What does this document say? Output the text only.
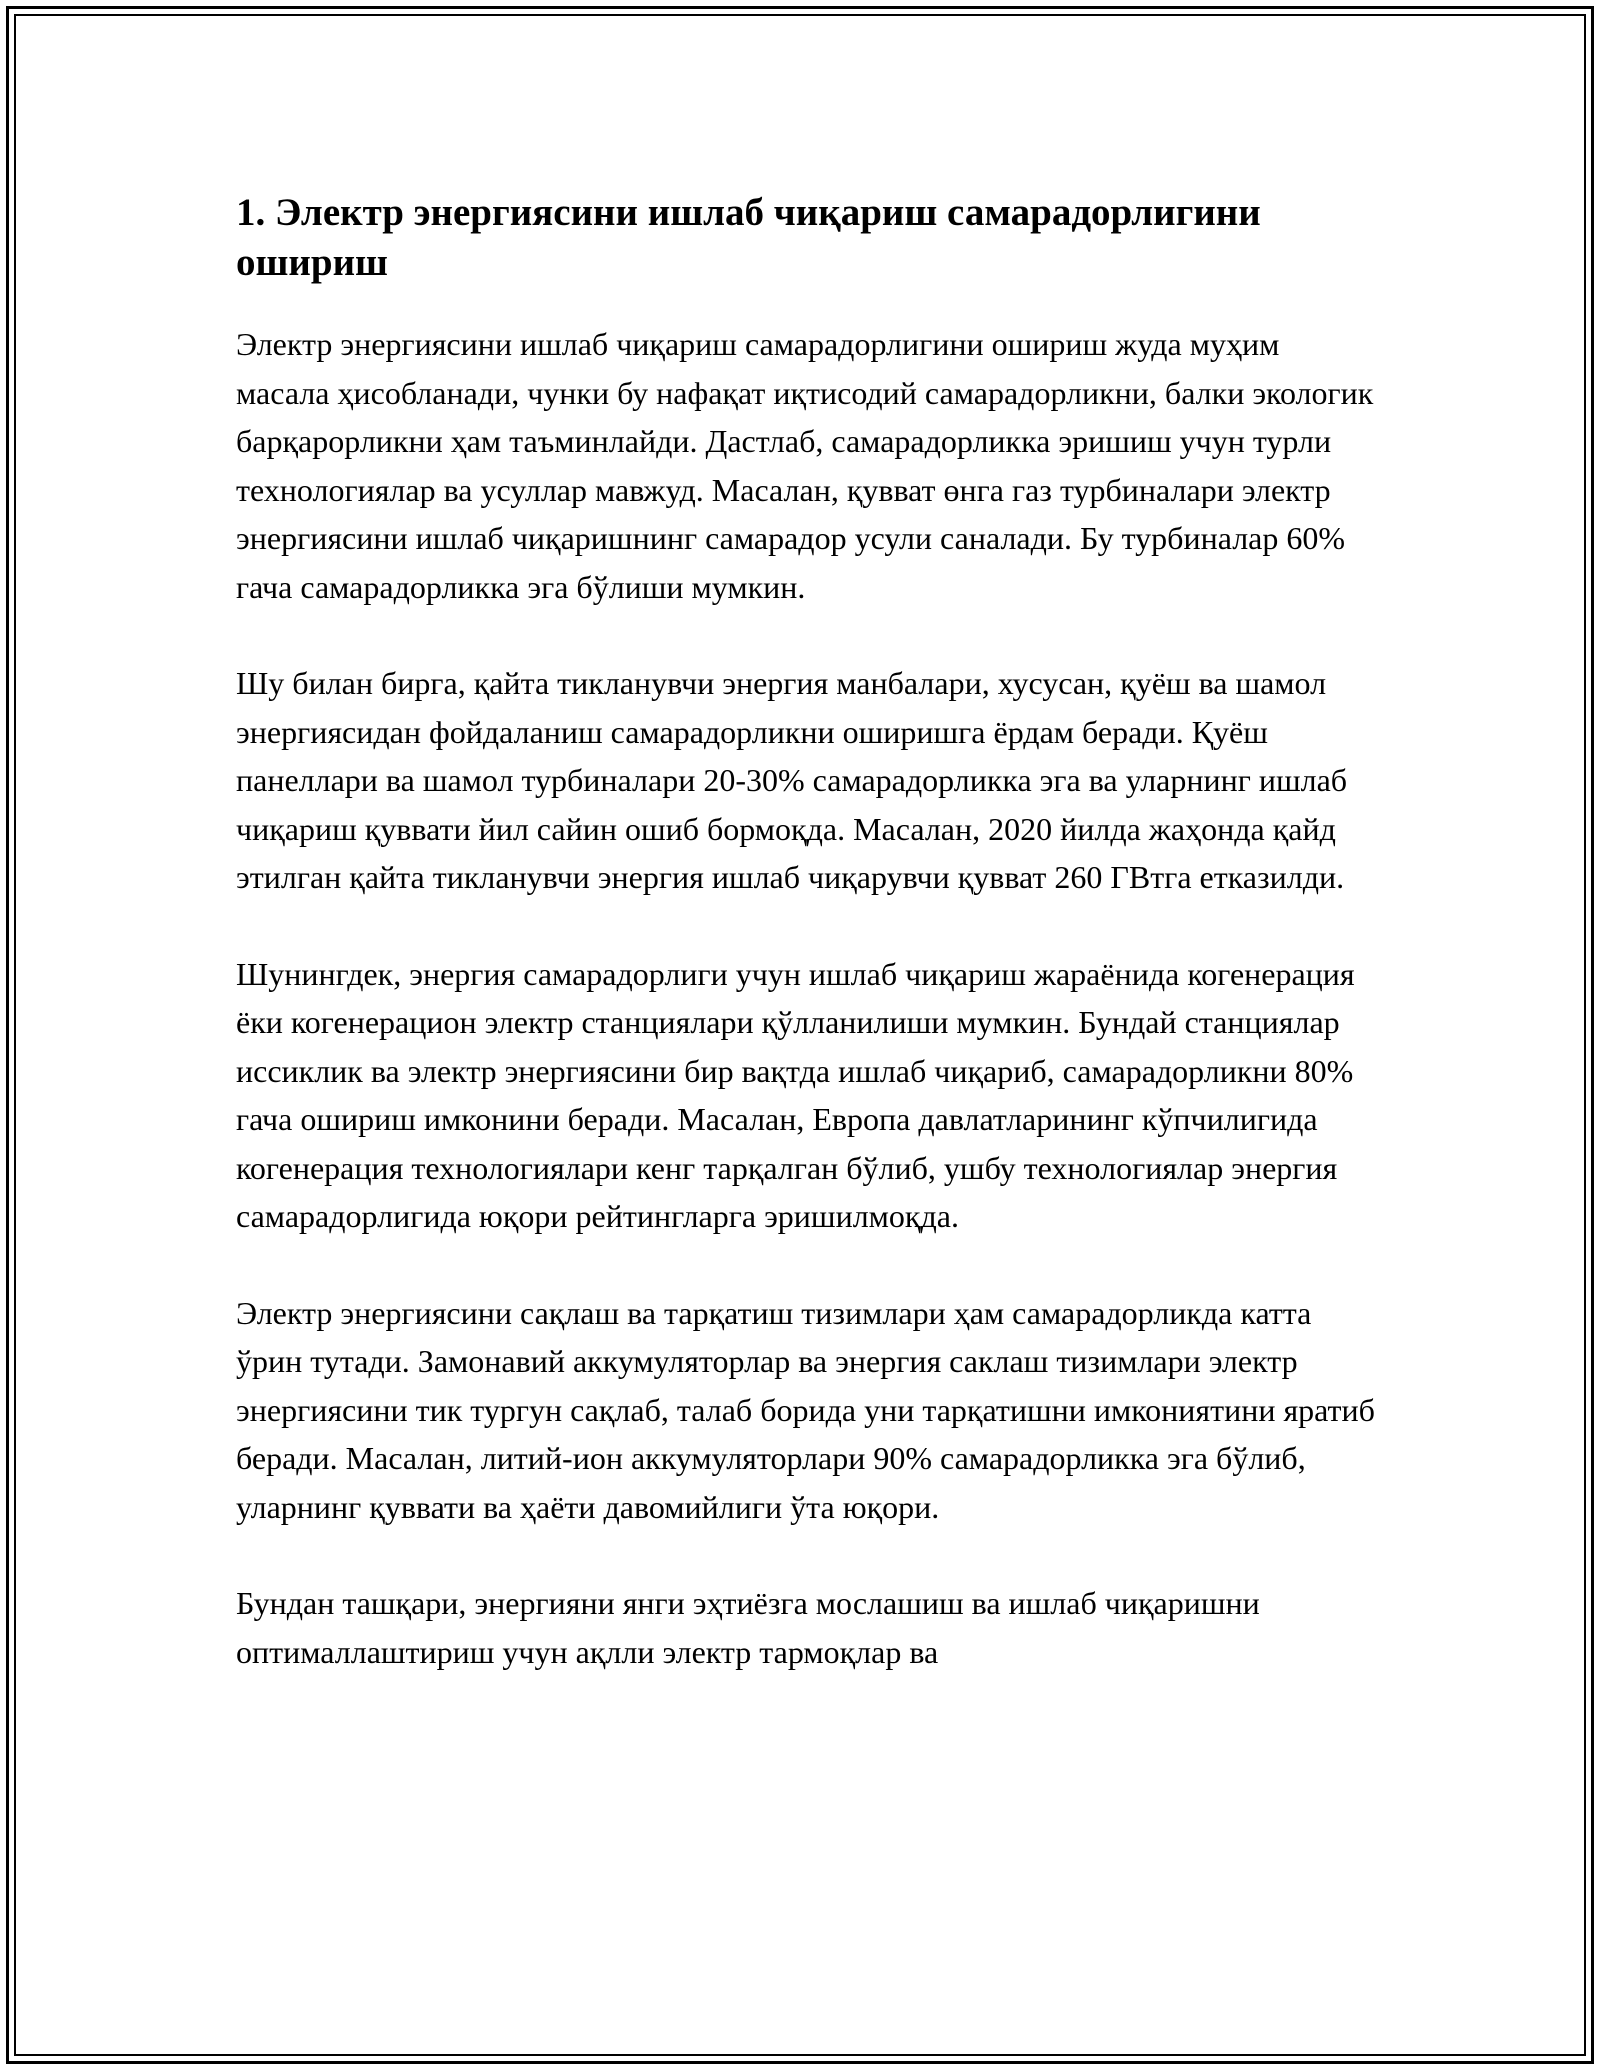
1. Электр энергиясини ишлаб чиқариш самарадорлигини ошириш

Электр энергиясини ишлаб чиқариш самарадорлигини ошириш жуда муҳим масала ҳисобланади, чунки бу нафақат иқтисодий самарадорликни, балки экологик барқарорликни ҳам таъминлайди. Дастлаб, самарадорликка эришиш учун турли технологиялар ва усуллар мавжуд. Масалан, қувват өнга газ турбиналари электр энергиясини ишлаб чиқаришнинг самарадор усули саналади. Бу турбиналар 60% гача самарадорликка эга бўлиши мумкин.

Шу билан бирга, қайта тикланувчи энергия манбалари, хусусан, қуёш ва шамол энергиясидан фойдаланиш самарадорликни оширишга ёрдам беради. Қуёш панеллари ва шамол турбиналари 20-30% самарадорликка эга ва уларнинг ишлаб чиқариш қуввати йил сайин ошиб бормоқда. Масалан, 2020 йилда жаҳонда қайд этилган қайта тикланувчи энергия ишлаб чиқарувчи қувват 260 ГВтга етказилди.

Шунингдек, энергия самарадорлиги учун ишлаб чиқариш жараёнида когенерация ёки когенерацион электр станциялари қўлланилиши мумкин. Бундай станциялар иссиклик ва электр энергиясини бир вақтда ишлаб чиқариб, самарадорликни 80% гача ошириш имконини беради. Масалан, Европа давлатларининг кўпчилигида когенерация технологиялари кенг тарқалган бўлиб, ушбу технологиялар энергия самарадорлигида юқори рейтингларга эришилмоқда.

Электр энергиясини сақлаш ва тарқатиш тизимлари ҳам самарадорликда катта ўрин тутади. Замонавий аккумуляторлар ва энергия саклаш тизимлари электр энергиясини тик тургун сақлаб, талаб борида уни тарқатишни имкониятини яратиб беради. Масалан, литий-ион аккумуляторлари 90% самарадорликка эга бўлиб, уларнинг қуввати ва ҳаёти давомийлиги ўта юқори.

Бундан ташқари, энергияни янги эҳтиёзга мослашиш ва ишлаб чиқаришни оптималлаштириш учун ақлли электр тармоқлар ва
